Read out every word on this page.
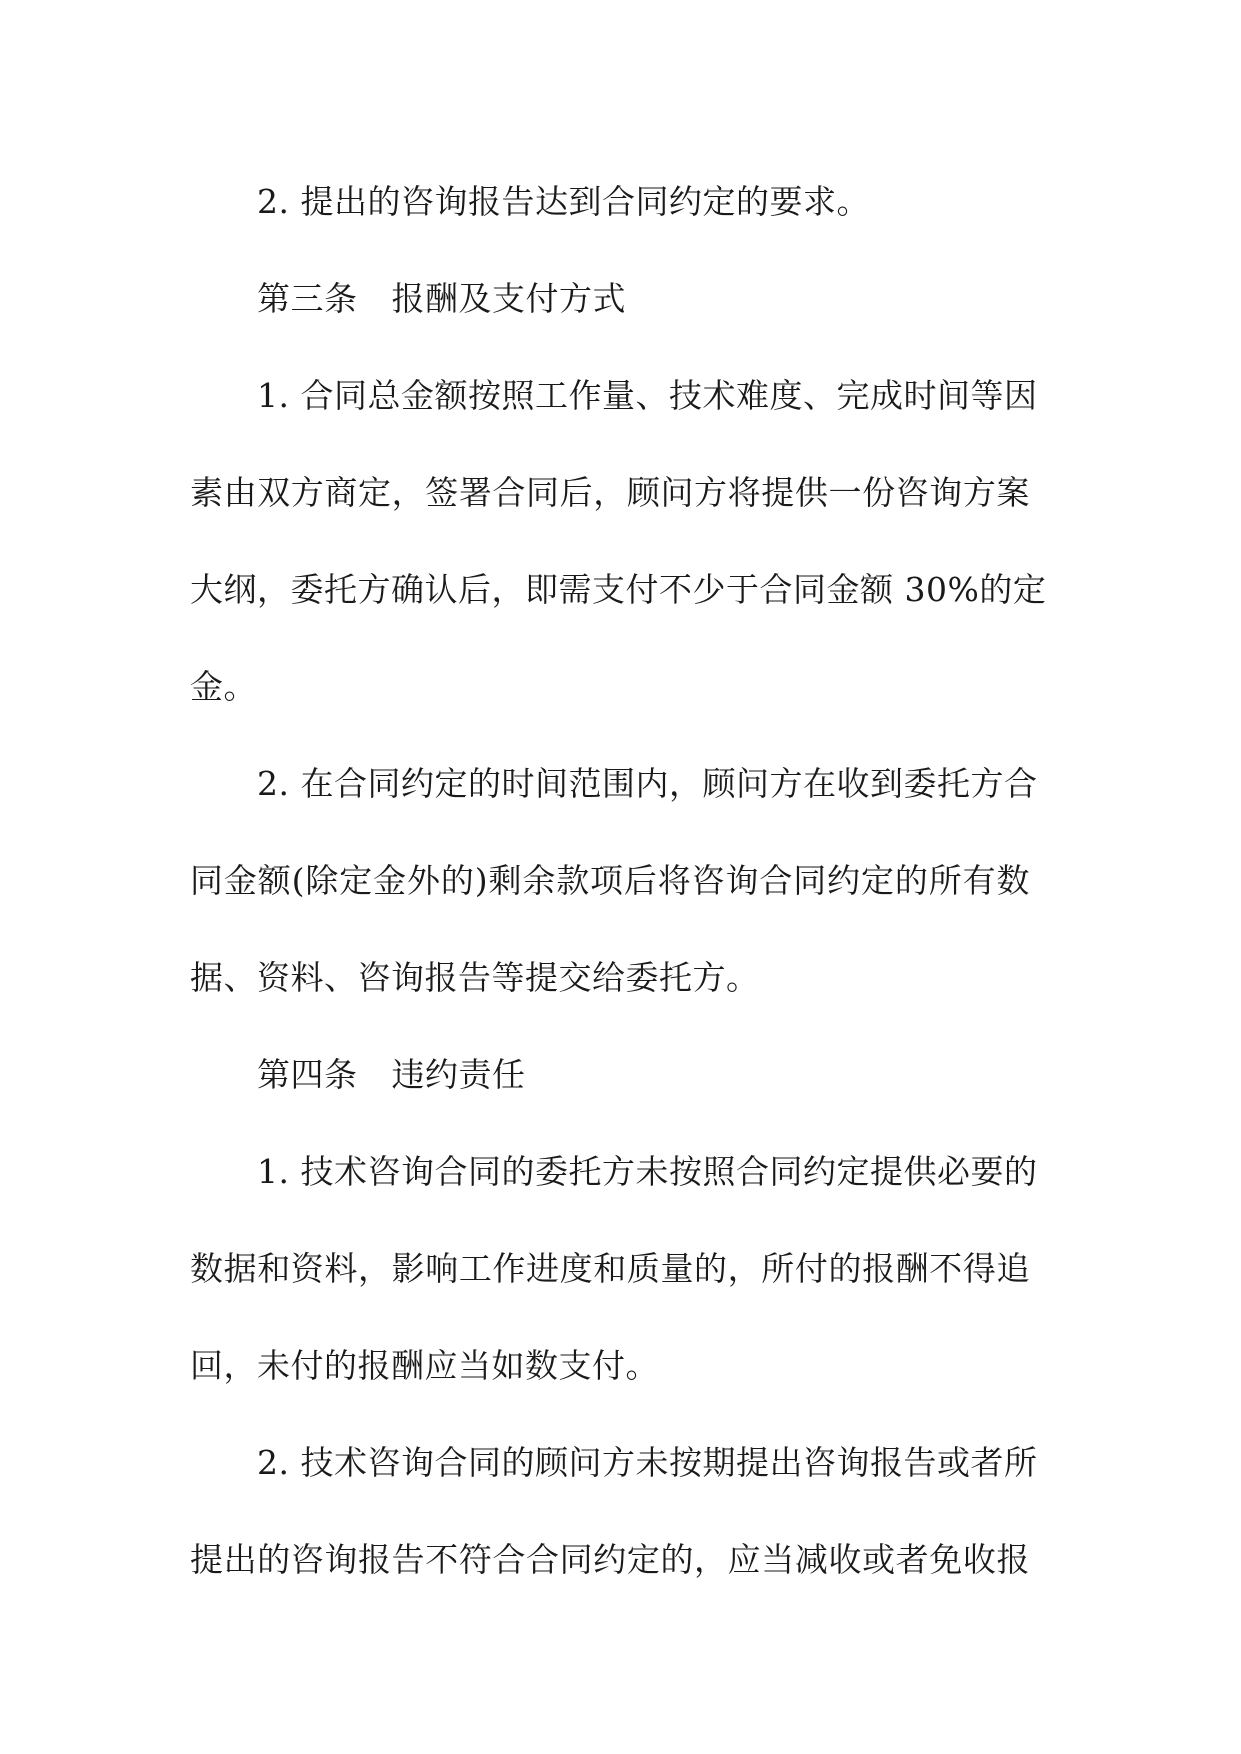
2. 提出的咨询报告达到合同约定的要求。
第三条 报酬及支付方式
1. 合同总金额按照工作量、技术难度、完成时间等因
素由双方商定，签署合同后，顾问方将提供一份咨询方案
大纲，委托方确认后，即需支付不少于合同金额 30%的定
金。
2. 在合同约定的时间范围内，顾问方在收到委托方合
同金额(除定金外的)剩余款项后将咨询合同约定的所有数
据、资料、咨询报告等提交给委托方。
第四条 违约责任
1. 技术咨询合同的委托方未按照合同约定提供必要的
数据和资料，影响工作进度和质量的，所付的报酬不得追
回，未付的报酬应当如数支付。
2. 技术咨询合同的顾问方未按期提出咨询报告或者所
提出的咨询报告不符合合同约定的，应当减收或者免收报
